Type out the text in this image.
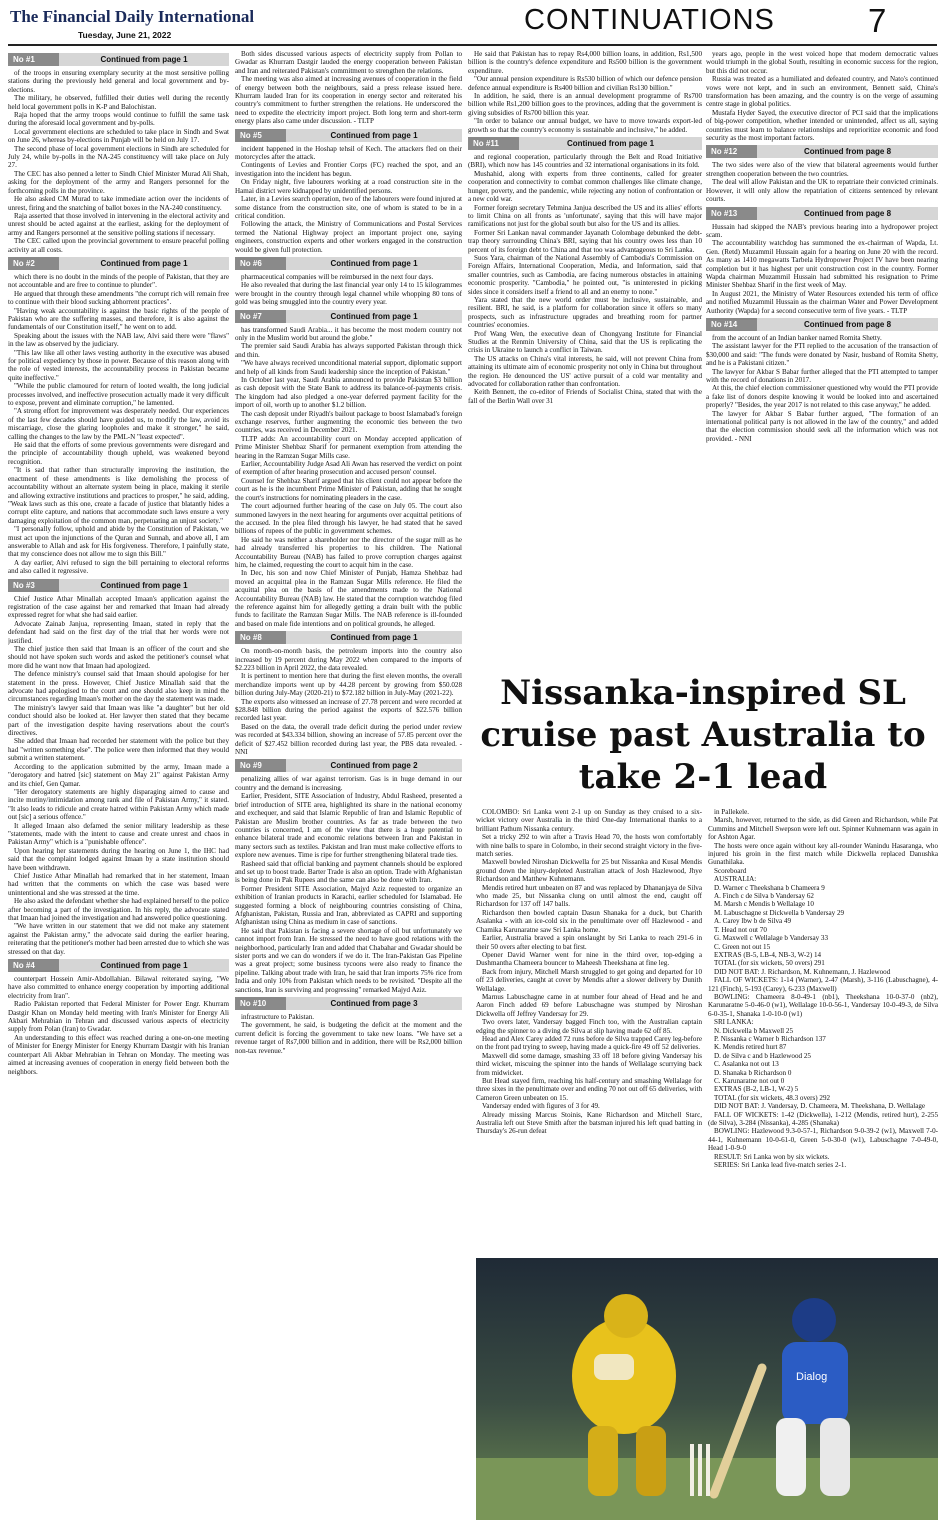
The Financial Daily International
Tuesday, June 21, 2022	CONTINUATIONS	7
No #1	Continued from page 1

of the troops in ensuring exemplary security at the most sensitive polling stations during the previously held general and local government and by-elections.

The military, he observed, fulfilled their duties well during the recently held local government polls in K-P and Balochistan.

Raja hoped that the army troops would continue to fulfill the same task during the aforesaid local government and by-polls.

Local government elections are scheduled to take place in Sindh and Swat on June 26, whereas by-elections in Punjab will be held on July 17.

The second phase of local government elections in Sindh are scheduled for July 24, while by-polls in the NA-245 constituency will take place on July 27.

The CEC has also penned a letter to Sindh Chief Minister Murad Ali Shah, asking for the deployment of the army and Rangers personnel for the forthcoming polls in the province.

He also asked CM Murad to take immediate action over the incidents of unrest, firing and the snatching of ballot boxes in the NA-240 constituency.

Raja asserted that those involved in intervening in the electoral activity and unrest should be acted against at the earliest, asking for the deployment of army and Rangers personnel at the sensitive polling stations if necessary.

The CEC called upon the provincial government to ensure peaceful polling activity at all costs.

No #2	Continued from page 1

which there is no doubt in the minds of the people of Pakistan, that they are not accountable and are free to continue to plunder".

He argued that through these amendments "the corrupt rich will remain free to continue with their blood sucking abhorrent practices".

"Having weak accountability is against the basic rights of the people of Pakistan who are the suffering masses, and therefore, it is also against the fundamentals of our Constitution itself," he went on to add.

Speaking about the issues with the NAB law, Alvi said there were "flaws" in the law as observed by the judiciary.

"This law like all other laws vesting authority in the executive was abused for political expediency by those in power. Because of this reason along with the role of vested interests, the accountability process in Pakistan became quite ineffective."

"While the public clamoured for return of looted wealth, the long judicial processes involved, and ineffective prosecution actually made it very difficult to expose, prevent and eliminate corruption," he lamented.

"A strong effort for improvement was desperately needed. Our experiences of the last few decades should have guided us, to modify the law, avoid its miscarriage, close the glaring loopholes and make it stronger," he said, calling the changes to the law by the PML-N "least expected".

He said that the efforts of some previous governments were disregard and the principle of accountability though upheld, was weakened beyond recognition.

"It is sad that rather than structurally improving the institution, the enactment of these amendments is like demolishing the process of accountability without an alternate system being in place, making it sterile and allowing extractive institutions and practices to prosper," he said, adding, "Weak laws such as this one, create a facade of justice that blatantly hides a corrupt elite capture, and nations that accommodate such laws ensure a very damaging exploitation of the common man, perpetuating an unjust society."

"I personally follow, uphold and abide by the Constitution of Pakistan, we must act upon the injunctions of the Quran and Sunnah, and above all, I am answerable to Allah and ask for His forgiveness. Therefore, I painfully state, that my conscience does not allow me to sign this Bill."

A day earlier, Alvi refused to sign the bill pertaining to electoral reforms and also called it regressive.

No #3	Continued from page 1

Chief Justice Athar Minallah accepted Imaan's application against the registration of the case against her and remarked that Imaan had already expressed regret for what she had said earlier.

Advocate Zainab Janjua, representing Imaan, stated in reply that the defendant had said on the first day of the trial that her words were not justified.

The chief justice then said that Imaan is an officer of the court and she should not have spoken such words and asked the petitioner's counsel what more did he want now that Imaan had apologized.

The defence ministry's counsel said that Imaan should apologise for her statement in the press. However, Chief Justice Minallah said that the advocate had apologised to the court and one should also keep in mind the circumstances regarding Imaan's mother on the day the statement was made.

The ministry's lawyer said that Imaan was like "a daughter" but her old conduct should also be looked at. Her lawyer then stated that they became part of the investigation despite having reservations about the court's directives.

She added that Imaan had recorded her statement with the police but they had "written something else". The police were then informed that they would submit a written statement.

According to the application submitted by the army, Imaan made a "derogatory and hatred [sic] statement on May 21" against Pakistan Army and its chief, Gen Qamar.

"Her derogatory statements are highly disparaging aimed to cause and incite mutiny/intimidation among rank and file of Pakistan Army," it stated. "It also leads to ridicule and create hatred within Pakistan Army which made out [sic] a serious offence."

It alleged Imaan also defamed the senior military leadership as these "statements, made with the intent to cause and create unrest and chaos in Pakistan Army" which is a "punishable offence".

Upon hearing her statements during the hearing on June 1, the IHC had said that the complaint lodged against Imaan by a state institution should have been withdrawn.

Chief Justice Athar Minallah had remarked that in her statement, Imaan had written that the comments on which the case was based were unintentional and she was stressed at the time.

He also asked the defendant whether she had explained herself to the police after becoming a part of the investigation. In his reply, the advocate stated that Imaan had joined the investigation and had answered police questioning.

"We have written in our statement that we did not make any statement against the Pakistan army," the advocate said during the earlier hearing, reiterating that the petitioner's mother had been arrested due to which she was stressed on that day.

No #4	Continued from page 1

counterpart Hossein Amir-Abdollahian. Bilawal reiterated saying, "We have also committed to enhance energy cooperation by importing additional electricity from Iran".

Radio Pakistan reported that Federal Minister for Power Engr. Khurram Dastgir Khan on Monday held meeting with Iran's Minister for Energy Ali Akbari Mehrabian in Tehran and discussed various aspects of electricity supply from Polan (Iran) to Gwadar.

An understanding to this effect was reached during a one-on-one meeting of Minister for Energy Minister for Energy Khurram Dastgir with his Iranian counterpart Ali Akbar Mehrabian in Tehran on Monday. The meeting was aimed at increasing avenues of cooperation in energy field between both the neighbors.

Both sides discussed various aspects of electricity supply from Pollan to Gwadar as Khurram Dastgir lauded the energy cooperation between Pakistan and Iran and reiterated Pakistan's commitment to strengthen the relations.

The meeting was also aimed at increasing avenues of cooperation in the field of energy between both the neighbours, said a press release issued here. Khurram lauded Iran for its cooperation in energy sector and reiterated his country's commitment to further strengthen the relations. He underscored the need to expedite the electricity import project. Both long term and short-term energy plans also came under discussion. - TLTP

No #5	Continued from page 1

incident happened in the Hoshap tehsil of Kech. The attackers fled on their motorcycles after the attack.

Contingents of Levies and Frontier Corps (FC) reached the spot, and an investigation into the incident has begun.

On Friday night, five labourers working at a road construction site in the Hamai district were kidnapped by unidentified persons.

Later, in a Levies search operation, two of the labourers were found injured at some distance from the construction site, one of whom is stated to be in a critical condition.

Following the attack, the Ministry of Communications and Postal Services termed the National Highway project an important project one, saying engineers, construction experts and other workers engaged in the construction would be given full protection.

No #6	Continued from page 1

pharmaceutical companies will be reimbursed in the next four days.

He also revealed that during the last financial year only 14 to 15 kilogrammes were brought in the country through legal channel while whopping 80 tons of gold was being smuggled into the country every year.

No #7	Continued from page 1

has transformed Saudi Arabia... it has become the most modern country not only in the Muslim world but around the globe."

The premier said Saudi Arabia has always supported Pakistan through thick and thin.

"We have always received unconditional material support, diplomatic support and help of all kinds from Saudi leadership since the inception of Pakistan."

In October last year, Saudi Arabia announced to provide Pakistan $3 billion as cash deposit with the State Bank to address its balance-of-payments crisis. The kingdom had also pledged a one-year deferred payment facility for the import of oil, worth up to another $1.2 billion.

The cash deposit under Riyadh's bailout package to boost Islamabad's foreign exchange reserves, further augmenting the economic ties between the two countries, was received in December 2021.

TLTP adds: An accountability court on Monday accepted application of Prime Minister Shehbaz Sharif for permanent exemption from attending the hearing in the Ramzan Sugar Mills case.

Earlier, Accountability Judge Asad Ali Awan has reserved the verdict on point of exemption of after hearing prosecution and accused person' counsel.

Counsel for Shehbaz Sharif argued that his client could not appear before the court as he is the incumbent Prime Minister of Pakistan, adding that he sought the court's instructions for nominating pleaders in the case.

The court adjourned further hearing of the case on July 05. The court also summoned lawyers in the next hearing for arguments over acquittal petitions of the accused. In the plea filed through his lawyer, he had stated that he saved billions of rupees of the public in government schemes.

He said he was neither a shareholder nor the director of the sugar mill as he had already transferred his properties to his children. The National Accountability Bureau (NAB) has failed to prove corruption charges against him, he claimed, requesting the court to acquit him in the case.

In Dec, his son and now Chief Minister of Punjab, Hamza Shehbaz had moved an acquittal plea in the Ramzan Sugar Mills reference. He filed the acquittal plea on the basis of the amendments made to the National Accountability Bureau (NAB) law. He stated that the corruption watchdog filed the reference against him for allegedly getting a drain built with the public funds to facilitate the Ramzan Sugar Mills. The NAB reference is ill-founded and based on male fide intentions and on political grounds, he alleged.

No #8	Continued from page 1

On month-on-month basis, the petroleum imports into the country also increased by 19 percent during May 2022 when compared to the imports of $2.223 billion in April 2022, the data revealed.

It is pertinent to mention here that during the first eleven months, the overall merchandize imports went up by 44.28 percent by growing from $50.028 billion during July-May (2020-21) to $72.182 billion in July-May (2021-22).

The exports also witnessed an increase of 27.78 percent and were recorded at $28.848 billion during the period against the exports of $22.576 billion recorded last year.

Based on the data, the overall trade deficit during the period under review was recorded at $43.334 billion, showing an increase of 57.85 percent over the deficit of $27.452 billion recorded during last year, the PBS data revealed. - NNI

No #9	Continued from page 2

penalizing allies of war against terrorism. Gas is in huge demand in our country and the demand is increasing.

Earlier, President, SITE Association of Industry, Abdul Rasheed, presented a brief introduction of SITE area, highlighted its share in the national economy and exchequer, and said that Islamic Republic of Iran and Islamic Republic of Pakistan are Muslim brother countries. As far as trade between the two countries is concerned, I am of the view that there is a huge potential to enhance bilateral trade and economic relations between Iran and Pakistan in many sectors such as textiles. Pakistan and Iran must make collective efforts to explore new avenues. Time is ripe for further strengthening bilateral trade ties.

Rasheed said that official banking and payment channels should be explored and set up to boost trade. Barter Trade is also an option. Trade with Afghanistan is being done in Pak Rupees and the same can also be done with Iran.

Former President SITE Association, Majyd Aziz requested to organize an exhibition of Iranian products in Karachi, earlier scheduled for Islamabad. He suggested forming a block of neighbouring countries consisting of China, Afghanistan, Pakistan, Russia and Iran, abbreviated as CAPRI and supporting Afghanistan using China as medium in case of sanctions.

He said that Pakistan is facing a severe shortage of oil but unfortunately we cannot import from Iran. He stressed the need to have good relations with the neighborhood, particularly Iran and added that Chabahar and Gwadar should be sister ports and we can do wonders if we do it. The Iran-Pakistan Gas Pipeline was a great project; some business tycoons were also ready to finance the pipeline. Talking about trade with Iran, he said that Iran imports 75% rice from India and only 10% from Pakistan which needs to be revisited. "Despite all the sanctions, Iran is surviving and progressing" remarked Majyd Aziz.

No #10	Continued from page 3

infrastructure to Pakistan.

The government, he said, is budgeting the deficit at the moment and the current deficit is forcing the government to take new loans. "We have set a revenue target of Rs7,000 billion and in addition, there will be Rs2,000 billion non-tax revenue."

He said that Pakistan has to repay Rs4,000 billion loans, in addition, Rs1,500 billion is the country's defence expenditure and Rs500 billion is the government expenditure.

"Our annual pension expenditure is Rs530 billion of which our defence pension defence annual expenditure is Rs400 billion and civilian Rs130 billion."

In addition, he said, there is an annual development programme of Rs700 billion while Rs1,200 billion goes to the provinces, adding that the government is giving subsidies of Rs700 billion this year.

"In order to balance our annual budget, we have to move towards export-led growth so that the country's economy is sustainable and inclusive," he added.

No #11	Continued from page 1

and regional cooperation, particularly through the Belt and Road Initiative (BRI), which now has 145 countries and 32 international organisations in its fold.

Mushahid, along with experts from three continents, called for greater cooperation and connectivity to combat common challenges like climate change, hunger, poverty, and the pandemic, while rejecting any notion of confrontation or a new cold war.

Former foreign secretary Tehmina Janjua described the US and its allies' efforts to limit China on all fronts as 'unfortunate', saying that this will have major ramifications not just for the global south but also for the US and its allies.

Former Sri Lankan naval commander Jayanath Colombage debunked the debt-trap theory surrounding China's BRI, saying that his country owes less than 10 percent of its foreign debt to China and that too was advantageous to Sri Lanka.

Suos Yara, chairman of the National Assembly of Cambodia's Commission on Foreign Affairs, International Cooperation, Media, and Information, said that smaller countries, such as Cambodia, are facing numerous obstacles in attaining economic prosperity. "Cambodia," he pointed out, "is uninterested in picking sides since it considers itself a friend to all and an enemy to none."

Yara stated that the new world order must be inclusive, sustainable, and resilient. BRI, he said, is a platform for collaboration since it offers so many prospects, such as infrastructure upgrades and breathing room for partner countries' economies.

Prof Wang Wen, the executive dean of Chongyang Institute for Financial Studies at the Renmin University of China, said that the US is replicating the crisis in Ukraine to launch a conflict in Taiwan.

The US attacks on China's vital interests, he said, will not prevent China from attaining its ultimate aim of economic prosperity not only in China but throughout the region. He denounced the US' active pursuit of a cold war mentality and advocated for collaboration rather than confrontation.

Keith Bennett, the co-editor of Friends of Socialist China, stated that with the fall of the Berlin Wall over 31

years ago, people in the west voiced hope that modern democratic values would triumph in the global South, resulting in economic success for the region, but this did not occur.

Russia was treated as a humiliated and defeated country, and Nato's continued vows were not kept, and in such an environment, Bennett said, China's transformation has been amazing, and the country is on the verge of assuming centre stage in global politics.

Mustafa Hyder Sayed, the executive director of PCI said that the implications of big-power competition, whether intended or unintended, affect us all, saying countries must learn to balance relationships and reprioritize economic and food security as the most important factors.

No #12	Continued from page 8

The two sides were also of the view that bilateral agreements would further strengthen cooperation between the two countries.

The deal will allow Pakistan and the UK to repatriate their convicted criminals. However, it will only allow the repatriation of citizens sentenced by relevant courts.

No #13	Continued from page 8

Hussain had skipped the NAB's previous hearing into a hydropower project scam.

The accountability watchdog has summoned the ex-chairman of Wapda, Lt. Gen. (Retd) Muzammil Hussain again for a hearing on June 20 with the record. As many as 1410 megawatts Tarbela Hydropower Project IV have been nearing completion but it has highest per unit construction cost in the country. Former Wapda chairman Muzammil Hussain had submitted his resignation to Prime Minister Shehbaz Sharif in the first week of May.

In August 2021, the Ministry of Water Resources extended his term of office and notified Muzammil Hussain as the chairman Water and Power Development Authority (Wapda) for a second consecutive term of five years. - TLTP

No #14	Continued from page 8

from the account of an Indian banker named Romita Shetty.

The assistant lawyer for the PTI replied to the accusation of the transaction of $30,000 and said: "The funds were donated by Nasir, husband of Romita Shetty, and he is a Pakistani citizen."

The lawyer for Akbar S Babar further alleged that the PTI attempted to tamper with the record of donations in 2017.

At this, the chief election commissioner questioned why would the PTI provide a fake list of donors despite knowing it would be looked into and ascertained properly? "Besides, the year 2017 is not related to this case anyway," he added.

The lawyer for Akbar S Babar further argued, "The formation of an international political party is not allowed in the law of the country," and added that the election commission should seek all the information which was not provided. - NNI

Nissanka-inspired SL cruise past Australia to take 2-1 lead

COLOMBO: Sri Lanka went 2-1 up on Sunday as they cruised to a six-wicket victory over Australia in the third One-day International thanks to a brilliant Pathum Nissanka century.

Set a tricky 292 to win after a Travis Head 70, the hosts won comfortably with nine balls to spare in Colombo, in their second straight victory in the five-match series.

Maxwell bowled Niroshan Dickwella for 25 but Nissanka and Kusal Mendis ground down the injury-depleted Australian attack of Josh Hazlewood, Jhye Richardson and Matthew Kuhnemann.

Mendis retired hurt unbeaten on 87 and was replaced by Dhananjaya de Silva who made 25, but Nissanka clung on until almost the end, caught off Richardson for 137 off 147 balls.

Richardson then bowled captain Dasun Shanaka for a duck, but Charith Asalanka - with an ice-cold six in the penultimate over off Hazlewood - and Chamika Karunaratne saw Sri Lanka home.

Earlier, Australia braved a spin onslaught by Sri Lanka to reach 291-6 in their 50 overs after electing to bat first.

Opener David Warner went for nine in the third over, top-edging a Dushmantha Chameera bouncer to Maheesh Theekshana at fine leg.

Back from injury, Mitchell Marsh struggled to get going and departed for 10 off 23 deliveries, caught at cover by Mendis after a slower delivery by Dunith Wellalage.

Marnus Labuschagne came in at number four ahead of Head and he and Aaron Finch added 69 before Labuschagne was stumped by Niroshan Dickwella off Jeffrey Vandersay for 29.

Two overs later, Vandersay bagged Finch too, with the Australian captain edging the spinner to a diving de Silva at slip having made 62 off 85.

Head and Alex Carey added 72 runs before de Silva trapped Carey leg-before on the front pad trying to sweep, having made a quick-fire 49 off 52 deliveries.

Maxwell did some damage, smashing 33 off 18 before giving Vandersay his third wicket, miscuing the spinner into the hands of Wellalage scurrying back from midwicket.

But Head stayed firm, reaching his half-century and smashing Wellalage for three sixes in the penultimate over and ending 70 not out off 65 deliveries, with Cameron Green unbeaten on 15.

Vandersay ended with figures of 3 for 49.

Already missing Marcus Stoinis, Kane Richardson and Mitchell Starc, Australia left out Steve Smith after the batsman injured his left quad batting in Thursday's 26-run defeat

in Pallekele.

Marsh, however, returned to the side, as did Green and Richardson, while Pat Cummins and Mitchell Swepson were left out. Spinner Kuhnemann was again in for Ashton Agar.

The hosts were once again without key all-rounder Wanindu Hasaranga, who injured his groin in the first match while Dickwella replaced Danushka Gunathilaka.

Scoreboard

AUSTRALIA:

D. Warner c Theekshana b Chameera 9

A. Finch c de Silva b Vandersay 62

M. Marsh c Mendis b Wellalage 10

M. Labuschagne st Dickwella b Vandersay 29

A. Carey lbw b de Silva 49

T. Head not out 70

G. Maxwell c Wellalage b Vandersay 33

C. Green not out 15

EXTRAS (B-5, LB-4, NB-3, W-2) 14

TOTAL (for six wickets, 50 overs) 291

DID NOT BAT: J. Richardson, M. Kuhnemann, J. Hazlewood

FALL OF WICKETS: 1-14 (Warner), 2-47 (Marsh), 3-116 (Labuschagne), 4-121 (Finch), 5-193 (Carey), 6-233 (Maxwell)

BOWLING: Chameera 8-0-49-1 (nb1), Theekshana 10-0-37-0 (nb2), Karunaratne 5-0-46-0 (w1), Wellalage 10-0-56-1, Vandersay 10-0-49-3, de Silva 6-0-35-1, Shanaka 1-0-10-0 (w1)

SRI LANKA:

N. Dickwella b Maxwell 25

P. Nissanka c Warner b Richardson 137

K. Mendis retired hurt 87

D. de Silva c and b Hazlewood 25

C. Asalanka not out 13

D. Shanaka b Richardson 0

C. Karunaratne not out 0

EXTRAS (B-2, LB-1, W-2) 5

TOTAL (for six wickets, 48.3 overs) 292

DID NOT BAT: J. Vandersay, D. Chameera, M. Theekshana, D. Wellalage

FALL OF WICKETS: 1-42 (Dickwella), 1-212 (Mendis, retired hurt), 2-255 (de Silva), 3-284 (Nissanka), 4-285 (Shanaka)

BOWLING: Hazlewood 9.3-0-57-1, Richardson 9-0-39-2 (w1), Maxwell 7-0-44-1, Kuhnemann 10-0-61-0, Green 5-0-30-0 (w1), Labuschagne 7-0-49-0, Head 1-0-9-0

RESULT: Sri Lanka won by six wickets.

SERIES: Sri Lanka lead five-match series 2-1.

Dialog
